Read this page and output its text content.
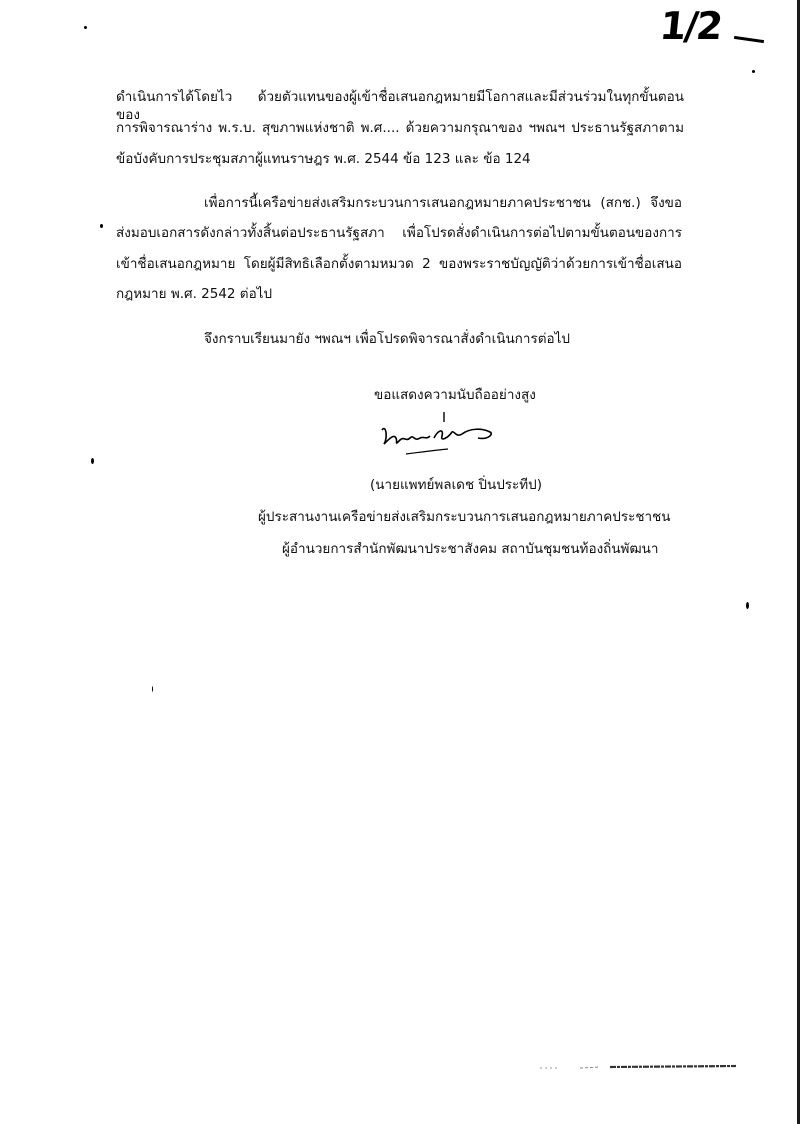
1/2
ดำเนินการได้โดยไว ด้วยตัวแทนของผู้เข้าชื่อเสนอกฎหมายมีโอกาสและมีส่วนร่วมในทุกขั้นตอนของ
การพิจารณาร่าง พ.ร.บ. สุขภาพแห่งชาติ พ.ศ.... ด้วยความกรุณาของ ฯพณฯ ประธานรัฐสภาตาม
ข้อบังคับการประชุมสภาผู้แทนราษฎร พ.ศ. 2544 ข้อ 123 และ ข้อ 124
เพื่อการนี้เครือข่ายส่งเสริมกระบวนการเสนอกฎหมายภาคประชาชน (สกช.) จึงขอ
ส่งมอบเอกสารดังกล่าวทั้งสิ้นต่อประธานรัฐสภา เพื่อโปรดสั่งดำเนินการต่อไปตามขั้นตอนของการ
เข้าชื่อเสนอกฎหมาย โดยผู้มีสิทธิเลือกตั้งตามหมวด 2 ของพระราชบัญญัติว่าด้วยการเข้าชื่อเสนอ
กฎหมาย พ.ศ. 2542 ต่อไป
จึงกราบเรียนมายัง ฯพณฯ เพื่อโปรดพิจารณาสั่งดำเนินการต่อไป
ขอแสดงความนับถืออย่างสูง
(นายแพทย์พลเดช ปิ่นประทีป)
ผู้ประสานงานเครือข่ายส่งเสริมกระบวนการเสนอกฎหมายภาคประชาชน
ผู้อำนวยการสำนักพัฒนาประชาสังคม สถาบันชุมชนท้องถิ่นพัฒนา
